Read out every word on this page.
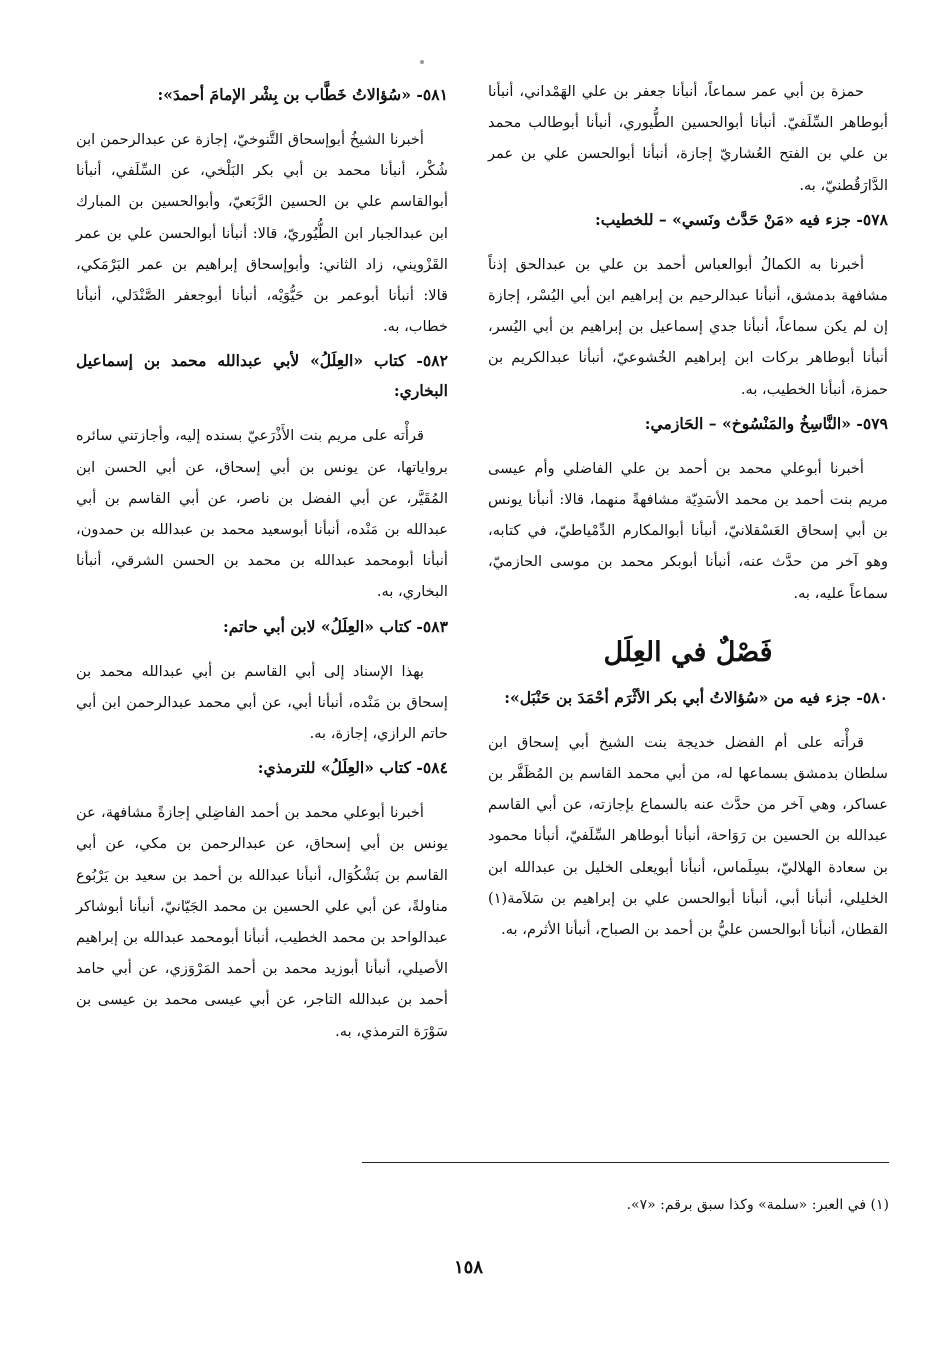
حمزة بن أبي عمر سماعاً، أنبأنا جعفر بن علي الهَمْداني، أنبأنا أبوطاهر السِّلَفيّ. أنبأنا أبوالحسين الطُّيوري، أنبأنا أبوطالب محمد بن علي بن الفتح العُشاريّ إجازة، أنبأنا أبوالحسن علي بن عمر الدَّارَقُطنيّ، به.

٥٧٨- جزء فيه «مَنْ حَدَّث ونَسي» – للخطيب:

أخبرنا به الكمالُ أبوالعباس أحمد بن علي بن عبدالحق إذناً مشافهة بدمشق، أنبأنا عبدالرحيم بن إبراهيم ابن أبي اليُسْر، إجازة إن لم يكن سماعاً، أنبأنا جدي إسماعيل بن إبراهيم بن أبي اليُسر، أنبأنا أبوطاهر بركات ابن إبراهيم الخُشوعيّ، أنبأنا عبدالكريم بن حمزة، أنبأنا الخطيب، به.

٥٧٩- «النَّاسِخُ والمَنْسُوخ» – الحَازمي:

أخبرنا أبوعلي محمد بن أحمد بن علي الفاضلي وأم عيسى مريم بنت أحمد بن محمد الأسَدِيّة مشافهةً منهما، قالا: أنبأنا يونس بن أبي إسحاق العَسْقلانيّ، أنبأنا أبوالمكارم الدِّمْياطيّ، في كتابه، وهو آخر من حدَّث عنه، أنبأنا أبوبكر محمد بن موسى الحازميّ، سماعاً عليه، به.

فَصْلٌ في العِلَل

٥٨٠- جزء فيه من «سُؤالاتُ أبي بكر الأثْرَم أحْمَدَ بن حَنْبَل»:

قرأْته على أم الفضل خديجة بنت الشيخ أبي إسحاق ابن سلطان بدمشق بسماعها له، من أبي محمد القاسم بن المُظَفَّر بن عساكر، وهي آخر من حدَّث عنه بالسماع بإجازته، عن أبي القاسم عبدالله بن الحسين بن رَوَاحة، أنبأنا أبوطاهر السِّلَفيّ، أنبأنا محمود بن سعادة الهلاليّ، بسِلَماس، أنبأنا أبويعلى الخليل بن عبدالله ابن الخليلي، أنبأنا أبي، أنبأنا أبوالحسن علي بن إبراهيم بن سَلاَمة(١) القطان، أنبأنا أبوالحسن عليُّ بن أحمد بن الصباح، أنبأنا الأثرم، به.

٥٨١- «سُؤالاتُ خَطَّاب بن بِشْر الإمامَ أحمدَ»:

أخبرنا الشيخُ أبوإسحاق التَّنوخيّ، إجازة عن عبدالرحمن ابن شُكْر، أنبأنا محمد بن أبي بكر البَلْخي، عن السِّلَفي، أنبأنا أبوالقاسم علي بن الحسين الرَّبَعيّ، وأبوالحسين بن المبارك ابن عبدالجبار ابن الطُّيُوريّ، قالا: أنبأنا أبوالحسن علي بن عمر القَزْويني، زاد الثاني: وأبوإسحاق إبراهيم بن عمر البَرْمَكي، قالا: أنبأنا أبوعمر بن حَيُّوَيْه، أنبأنا أبوجعفر الصَّنْدَلي، أنبأنا خطاب، به.

٥٨٢- كتاب «العِلَلُ» لأبي عبدالله محمد بن إسماعيل البخاري:

قرأْته على مريم بنت الأَذْرَعيّ بسنده إليه، وأجازتني سائره برواياتها، عن يونس بن أبي إسحاق، عن أبي الحسن ابن المُقَيَّر، عن أبي الفضل بن ناصر، عن أبي القاسم بن أبي عبدالله بن مَنْده، أنبأنا أبوسعيد محمد بن عبدالله بن حمدون، أنبأنا أبومحمد عبدالله بن محمد بن الحسن الشرقي، أنبأنا البخاري، به.

٥٨٣- كتاب «العِلَلُ» لابن أبي حاتم:

بهذا الإسناد إلى أبي القاسم بن أبي عبدالله محمد بن إسحاق بن مَنْده، أنبأنا أبي، عن أبي محمد عبدالرحمن ابن أبي حاتم الرازي، إجازة، به.

٥٨٤- كتاب «العِلَلُ» للترمذي:

أخبرنا أبوعلي محمد بن أحمد الفاضِلي إجازةً مشافهة، عن يونس بن أبي إسحاق، عن عبدالرحمن بن مكي، عن أبي القاسم بن بَشْكُوَال، أنبأنا عبدالله بن أحمد بن سعيد بن يَرْبُوع مناولةً، عن أبي علي الحسين بن محمد الجَيّانيّ، أنبأنا أبوشاكر عبدالواحد بن محمد الخطيب، أنبأنا أبومحمد عبدالله بن إبراهيم الأصيلي، أنبأنا أبوزيد محمد بن أحمد المَرْوَزي، عن أبي حامد أحمد بن عبدالله التاجر، عن أبي عيسى محمد بن عيسى بن سَوْرَة الترمذي، به.

(١) في العبر: «سلمة» وكذا سبق برقم: «٧».
١٥٨
